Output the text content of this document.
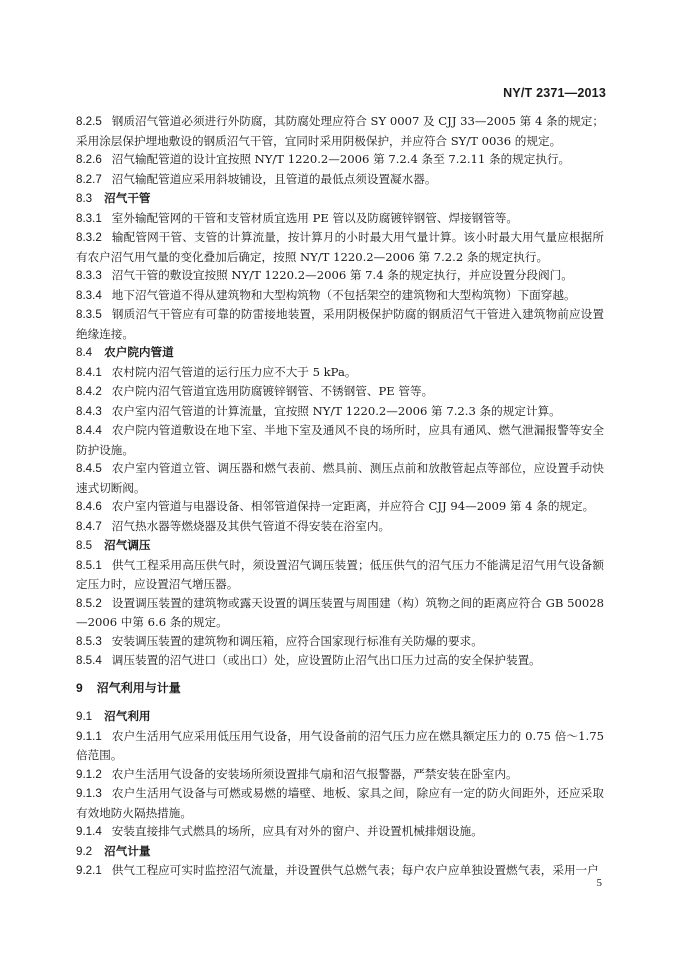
NY/T 2371—2013

8.2.5 钢质沼气管道必须进行外防腐，其防腐处理应符合 SY 0007 及 CJJ 33—2005 第 4 条的规定；采用涂层保护埋地敷设的钢质沼气干管，宜同时采用阴极保护，并应符合 SY/T 0036 的规定。

8.2.6 沼气输配管道的设计宜按照 NY/T 1220.2—2006 第 7.2.4 条至 7.2.11 条的规定执行。

8.2.7 沼气输配管道应采用斜坡铺设，且管道的最低点须设置凝水器。

8.3 沼气干管

8.3.1 室外输配管网的干管和支管材质宜选用 PE 管以及防腐镀锌钢管、焊接钢管等。

8.3.2 输配管网干管、支管的计算流量，按计算月的小时最大用气量计算。该小时最大用气量应根据所有农户沼气用气量的变化叠加后确定，按照 NY/T 1220.2—2006 第 7.2.2 条的规定执行。

8.3.3 沼气干管的敷设宜按照 NY/T 1220.2—2006 第 7.4 条的规定执行，并应设置分段阀门。

8.3.4 地下沼气管道不得从建筑物和大型构筑物（不包括架空的建筑物和大型构筑物）下面穿越。

8.3.5 钢质沼气干管应有可靠的防雷接地装置，采用阴极保护防腐的钢质沼气干管进入建筑物前应设置绝缘连接。

8.4 农户院内管道

8.4.1 农村院内沼气管道的运行压力应不大于 5 kPa。

8.4.2 农户院内沼气管道宜选用防腐镀锌钢管、不锈钢管、PE 管等。

8.4.3 农户室内沼气管道的计算流量，宜按照 NY/T 1220.2—2006 第 7.2.3 条的规定计算。

8.4.4 农户院内管道敷设在地下室、半地下室及通风不良的场所时，应具有通风、燃气泄漏报警等安全防护设施。

8.4.5 农户室内管道立管、调压器和燃气表前、燃具前、测压点前和放散管起点等部位，应设置手动快速式切断阀。

8.4.6 农户室内管道与电器设备、相邻管道保持一定距离，并应符合 CJJ 94—2009 第 4 条的规定。

8.4.7 沼气热水器等燃烧器及其供气管道不得安装在浴室内。

8.5 沼气调压

8.5.1 供气工程采用高压供气时，须设置沼气调压装置；低压供气的沼气压力不能满足沼气用气设备额定压力时，应设置沼气增压器。

8.5.2 设置调压装置的建筑物或露天设置的调压装置与周围建（构）筑物之间的距离应符合 GB 50028—2006 中第 6.6 条的规定。

8.5.3 安装调压装置的建筑物和调压箱，应符合国家现行标准有关防爆的要求。

8.5.4 调压装置的沼气进口（或出口）处，应设置防止沼气出口压力过高的安全保护装置。

9 沼气利用与计量

9.1 沼气利用

9.1.1 农户生活用气应采用低压用气设备，用气设备前的沼气压力应在燃具额定压力的 0.75 倍～1.75 倍范围。

9.1.2 农户生活用气设备的安装场所须设置排气扇和沼气报警器，严禁安装在卧室内。

9.1.3 农户生活用气设备与可燃或易燃的墙壁、地板、家具之间，除应有一定的防火间距外，还应采取有效地防火隔热措施。

9.1.4 安装直接排气式燃具的场所，应具有对外的窗户、并设置机械排烟设施。

9.2 沼气计量

9.2.1 供气工程应可实时监控沼气流量，并设置供气总燃气表；每户农户应单独设置燃气表，采用一户

5
